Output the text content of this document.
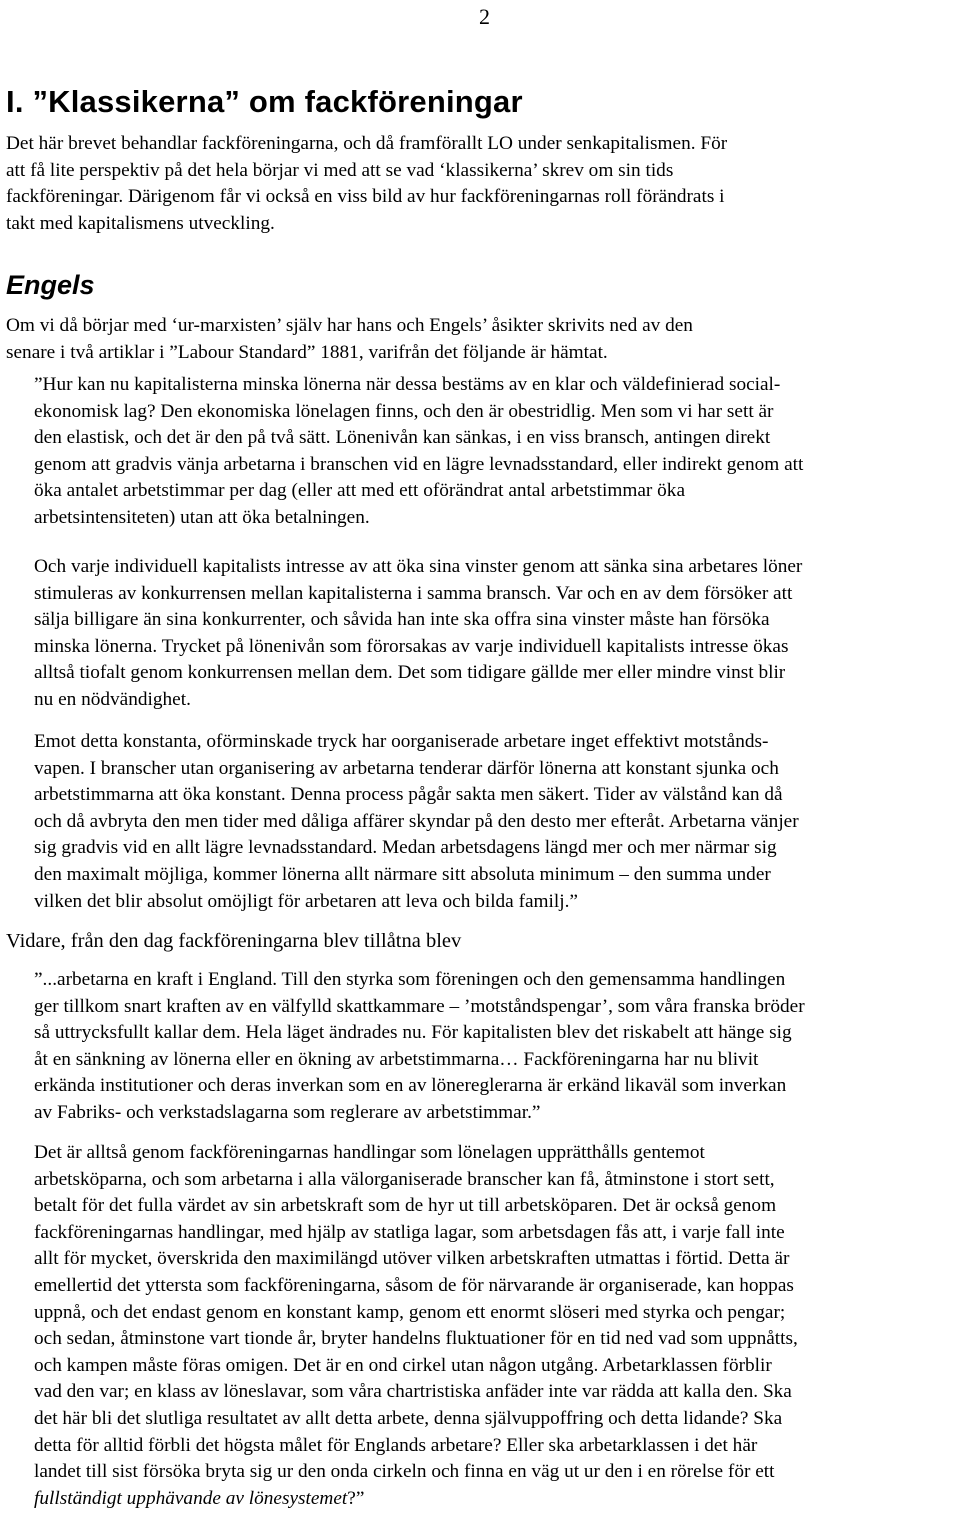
2
I. ”Klassikerna” om fackföreningar
Det här brevet behandlar fackföreningarna, och då framförallt LO under senkapitalismen. För
att få lite perspektiv på det hela börjar vi med att se vad ‘klassikerna’ skrev om sin tids
fackföreningar. Därigenom får vi också en viss bild av hur fackföreningarnas roll förändrats i
takt med kapitalismens utveckling.
Engels
Om vi då börjar med ‘ur-marxisten’ själv har hans och Engels’ åsikter skrivits ned av den
senare i två artiklar i ”Labour Standard” 1881, varifrån det följande är hämtat.
”Hur kan nu kapitalisterna minska lönerna när dessa bestäms av en klar och väldefinierad social-
ekonomisk lag? Den ekonomiska lönelagen finns, och den är obestridlig. Men som vi har sett är
den elastisk, och det är den på två sätt. Lönenivån kan sänkas, i en viss bransch, antingen direkt
genom att gradvis vänja arbetarna i branschen vid en lägre levnadsstandard, eller indirekt genom att
öka antalet arbetstimmar per dag (eller att med ett oförändrat antal arbetstimmar öka
arbetsintensiteten) utan att öka betalningen.
Och varje individuell kapitalists intresse av att öka sina vinster genom att sänka sina arbetares löner
stimuleras av konkurrensen mellan kapitalisterna i samma bransch. Var och en av dem försöker att
sälja billigare än sina konkurrenter, och såvida han inte ska offra sina vinster måste han försöka
minska lönerna. Trycket på lönenivån som förorsakas av varje individuell kapitalists intresse ökas
alltså tiofalt genom konkurrensen mellan dem. Det som tidigare gällde mer eller mindre vinst blir
nu en nödvändighet.
Emot detta konstanta, oförminskade tryck har oorganiserade arbetare inget effektivt motstånds-
vapen. I branscher utan organisering av arbetarna tenderar därför lönerna att konstant sjunka och
arbetstimmarna att öka konstant. Denna process pågår sakta men säkert. Tider av välstånd kan då
och då avbryta den men tider med dåliga affärer skyndar på den desto mer efteråt. Arbetarna vänjer
sig gradvis vid en allt lägre levnadsstandard. Medan arbetsdagens längd mer och mer närmar sig
den maximalt möjliga, kommer lönerna allt närmare sitt absoluta minimum – den summa under
vilken det blir absolut omöjligt för arbetaren att leva och bilda familj.”
Vidare, från den dag fackföreningarna blev tillåtna blev
”...arbetarna en kraft i England. Till den styrka som föreningen och den gemensamma handlingen
ger tillkom snart kraften av en välfylld skattkammare – ’motståndspengar’, som våra franska bröder
så uttrycksfullt kallar dem. Hela läget ändrades nu. För kapitalisten blev det riskabelt att hänge sig
åt en sänkning av lönerna eller en ökning av arbetstimmarna… Fackföreningarna har nu blivit
erkända institutioner och deras inverkan som en av lönereglerarna är erkänd likaväl som inverkan
av Fabriks- och verkstadslagarna som reglerare av arbetstimmar.”
Det är alltså genom fackföreningarnas handlingar som lönelagen upprätthålls gentemot
arbetsköparna, och som arbetarna i alla välorganiserade branscher kan få, åtminstone i stort sett,
betalt för det fulla värdet av sin arbetskraft som de hyr ut till arbetsköparen. Det är också genom
fackföreningarnas handlingar, med hjälp av statliga lagar, som arbetsdagen fås att, i varje fall inte
allt för mycket, överskrida den maximilängd utöver vilken arbetskraften utmattas i förtid. Detta är
emellertid det yttersta som fackföreningarna, såsom de för närvarande är organiserade, kan hoppas
uppnå, och det endast genom en konstant kamp, genom ett enormt slöseri med styrka och pengar;
och sedan, åtminstone vart tionde år, bryter handelns fluktuationer för en tid ned vad som uppnåtts,
och kampen måste föras omigen. Det är en ond cirkel utan någon utgång. Arbetarklassen förblir
vad den var; en klass av löneslavar, som våra chartristiska anfäder inte var rädda att kalla den. Ska
det här bli det slutliga resultatet av allt detta arbete, denna självuppoffring och detta lidande? Ska
detta för alltid förbli det högsta målet för Englands arbetare? Eller ska arbetarklassen i det här
landet till sist försöka bryta sig ur den onda cirkeln och finna en väg ut ur den i en rörelse för ett
fullständigt upphävande av lönesystemet?”
